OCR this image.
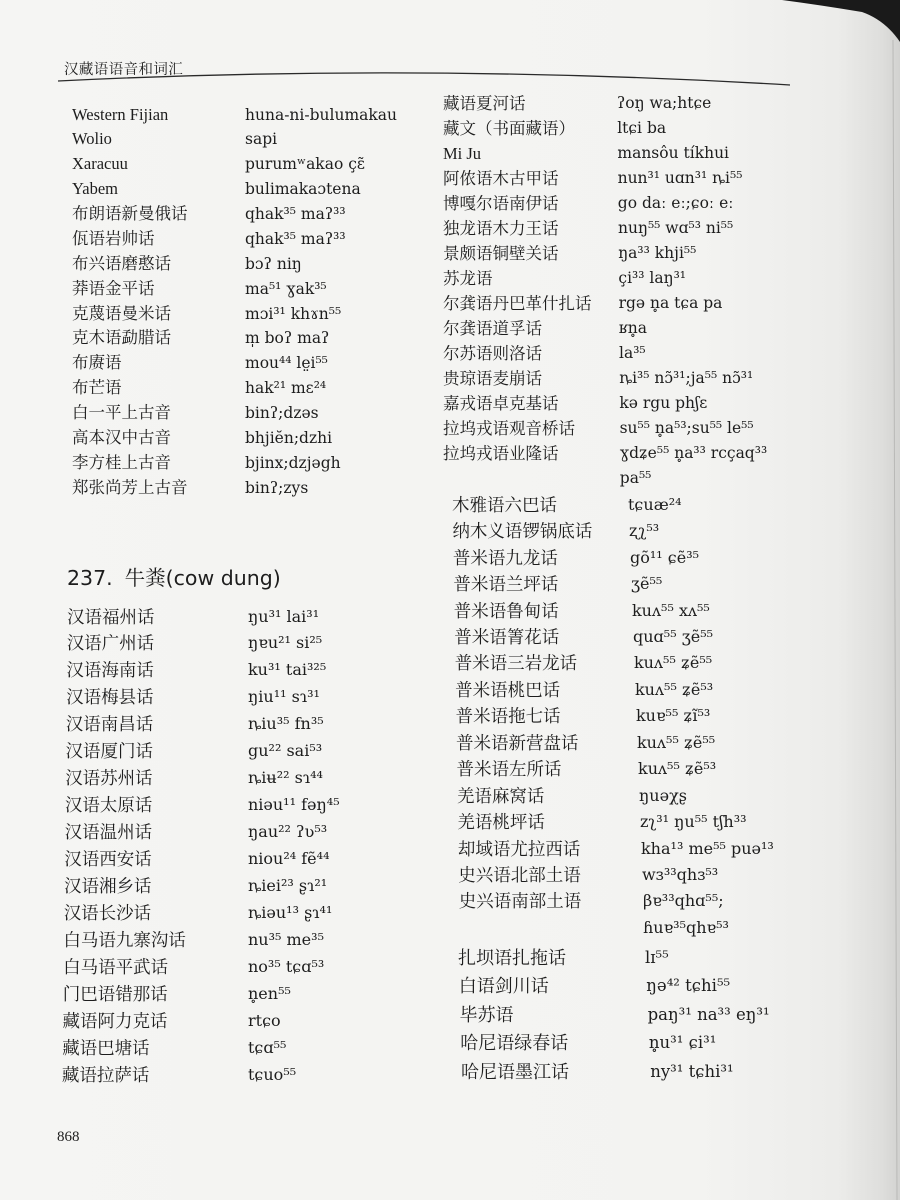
汉藏语语音和词汇
237. 牛粪(cow dung)
868
Western Fijian	huna-ni-bulumakau
Wolio	sapi
Xaracuu	purumʷakao çɛ̃
Yabem	bulimakaɔtena
布朗语新曼俄话	qhak³⁵ maʔ³³
佤语岩帅话	qhak³⁵ maʔ³³
布兴语磨憨话	bɔʔ niŋ
莽语金平话	ma⁵¹ ɣak³⁵
克蔑语曼米话	mɔi³¹ khɤn⁵⁵
克木语勐腊话	m̩ boʔ maʔ
布赓语	mou⁴⁴ le̤i⁵⁵
布芒语	hak²¹ mɛ²⁴
白一平上古音	binʔ;dzəs
高本汉中古音	bhjiĕn;dzhi
李方桂上古音	bjinx;dzjəgh
郑张尚芳上古音	binʔ;zys
汉语福州话	ŋu³¹ lai³¹
汉语广州话	ŋɐu²¹ si²⁵
汉语海南话	ku³¹ tai³²⁵
汉语梅县话	ŋiu¹¹ sɿ³¹
汉语南昌话	ȵiu³⁵ fn³⁵
汉语厦门话	gu²² sai⁵³
汉语苏州话	ȵiʉ²² sɿ⁴⁴
汉语太原话	niəu¹¹ fəŋ⁴⁵
汉语温州话	ŋau²² ʔʋ⁵³
汉语西安话	niou²⁴ fẽ⁴⁴
汉语湘乡话	ȵiei²³ ʂɿ²¹
汉语长沙话	ȵiəu¹³ ʂɿ⁴¹
白马语九寨沟话	nu³⁵ me³⁵
白马语平武话	no³⁵ tɕɑ⁵³
门巴语错那话	n̥en⁵⁵
藏语阿力克话	rtɕo
藏语巴塘话	tɕɑ⁵⁵
藏语拉萨话	tɕuo⁵⁵
藏语夏河话	ʔoŋ wa;htɕe
藏文（书面藏语）	ltɕi ba
Mi Ju	mansôu tíkhui
阿侬语木古甲话	nun³¹ uɑn³¹ ȵi⁵⁵
博嘎尔语南伊话	go daː eː;ɕoː eː
独龙语木力王话	nuŋ⁵⁵ wɑ⁵³ ni⁵⁵
景颇语铜壁关话	ŋa³³ khji⁵⁵
苏龙语	çi³³ laŋ³¹
尔龚语丹巴革什扎话 rgə n̥a tɕa pa
尔龚语道孚话	ʁn̥a
尔苏语则洛话	la³⁵
贵琼语麦崩话	ȵi³⁵ nɔ̃³¹;ja⁵⁵ nɔ̃³¹
嘉戎语卓克基话	kə rgu phʃɛ
拉坞戎语观音桥话	su⁵⁵ n̥a⁵³;su⁵⁵ le⁵⁵
拉坞戎语业隆话	ɣdʑe⁵⁵ n̥a³³ rcçaq³³
pa⁵⁵
木雅语六巴话	tɕuæ²⁴
纳木义语锣锅底话 ʐʅ⁵³
普米语九龙话	gõ¹¹ ɕẽ³⁵
普米语兰坪话	ʒẽ⁵⁵
普米语鲁甸话	kuʌ⁵⁵ xʌ⁵⁵
普米语箐花话	quɑ⁵⁵ ʒẽ⁵⁵
普米语三岩龙话	kuʌ⁵⁵ ʑẽ⁵⁵
普米语桃巴话	kuʌ⁵⁵ ʑẽ⁵³
普米语拖七话	kuɐ⁵⁵ ʑĩ⁵³
普米语新营盘话	kuʌ⁵⁵ ʑẽ⁵⁵
普米语左所话	kuʌ⁵⁵ ʑẽ⁵³
羌语麻窝话	ŋuəχʂ
羌语桃坪话	zʅ³¹ ŋu⁵⁵ tʃh³³
却域语尤拉西话	kha¹³ me⁵⁵ puə¹³
史兴语北部土语	wɜ³³qhɜ⁵³
史兴语南部土语	βɐ³³qhɑ⁵⁵;
ɦuɐ³⁵qhɐ⁵³
扎坝语扎拖话	lɪ⁵⁵
白语剑川话	ŋə⁴² tɕhi⁵⁵
毕苏语	paŋ³¹ na³³ eŋ³¹
哈尼语绿春话	n̥u³¹ ɕi³¹
哈尼语墨江话	ny³¹ tɕhi³¹
